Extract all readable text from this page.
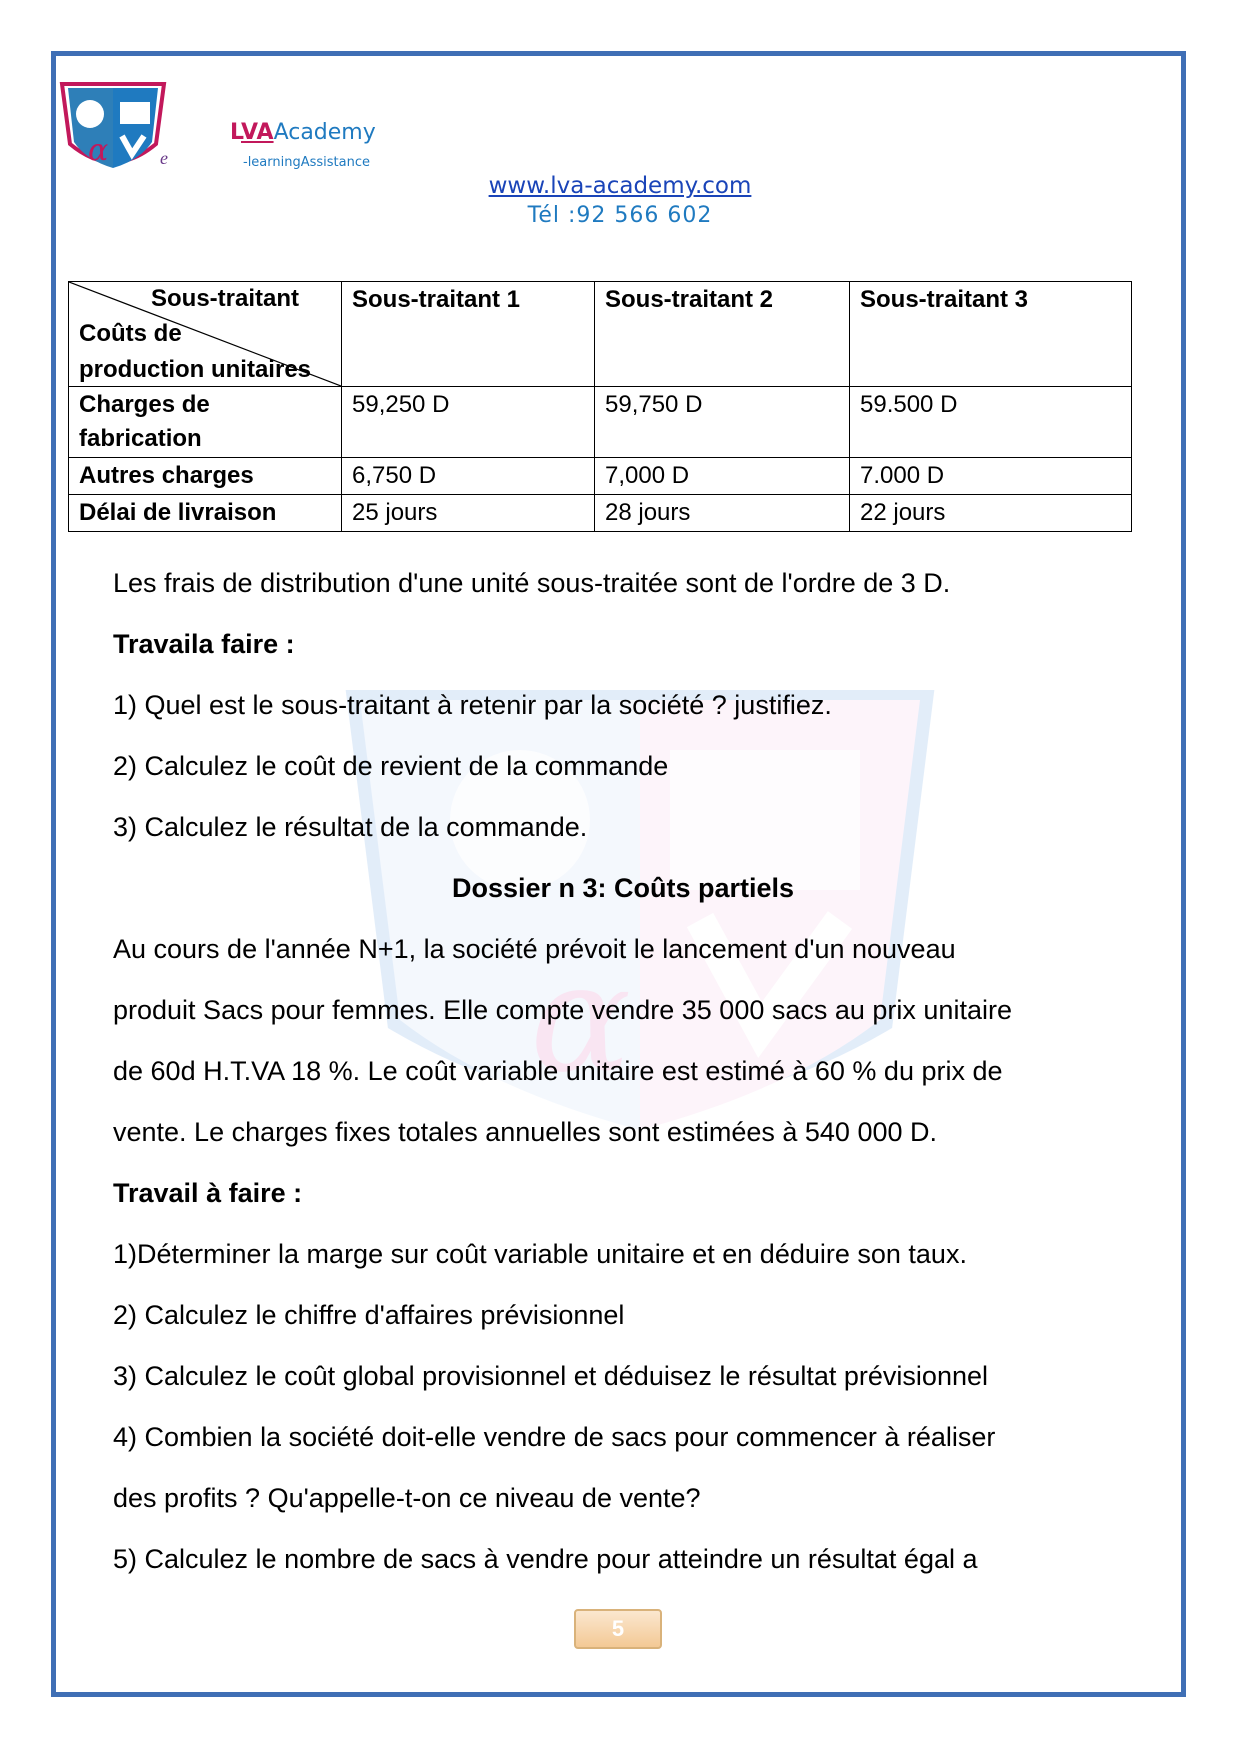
α
α	e
LVAAcademy
-learningAssistance
www.lva-academy.com
Tél :92 566 602
Sous-traitant
Coûts de
production unitaires	Sous-traitant 1	Sous-traitant 2	Sous-traitant 3
Charges de fabrication	59,250 D	59,750 D	59.500 D
Autres charges	6,750 D	7,000 D	7.000 D
Délai de livraison	25 jours	28 jours	22 jours
Les frais de distribution d'une unité sous-traitée sont de l'ordre de 3 D.
Travaila faire :
1) Quel est le sous-traitant à retenir par la société ? justifiez.
2) Calculez le coût de revient de la commande
3) Calculez le résultat de la commande.
Dossier n 3: Coûts partiels
Au cours de l'année N+1, la société prévoit le lancement d'un nouveau
produit Sacs pour femmes. Elle compte vendre 35 000 sacs au prix unitaire
de 60d H.T.VA 18 %. Le coût variable unitaire est estimé à 60 % du prix de
vente. Le charges fixes totales annuelles sont estimées à 540 000 D.
Travail à faire :
1)Déterminer la marge sur coût variable unitaire et en déduire son taux.
2) Calculez le chiffre d'affaires prévisionnel
3) Calculez le coût global provisionnel et déduisez le résultat prévisionnel
4) Combien la société doit-elle vendre de sacs pour commencer à réaliser
des profits ? Qu'appelle-t-on ce niveau de vente?
5) Calculez le nombre de sacs à vendre pour atteindre un résultat égal a
5
